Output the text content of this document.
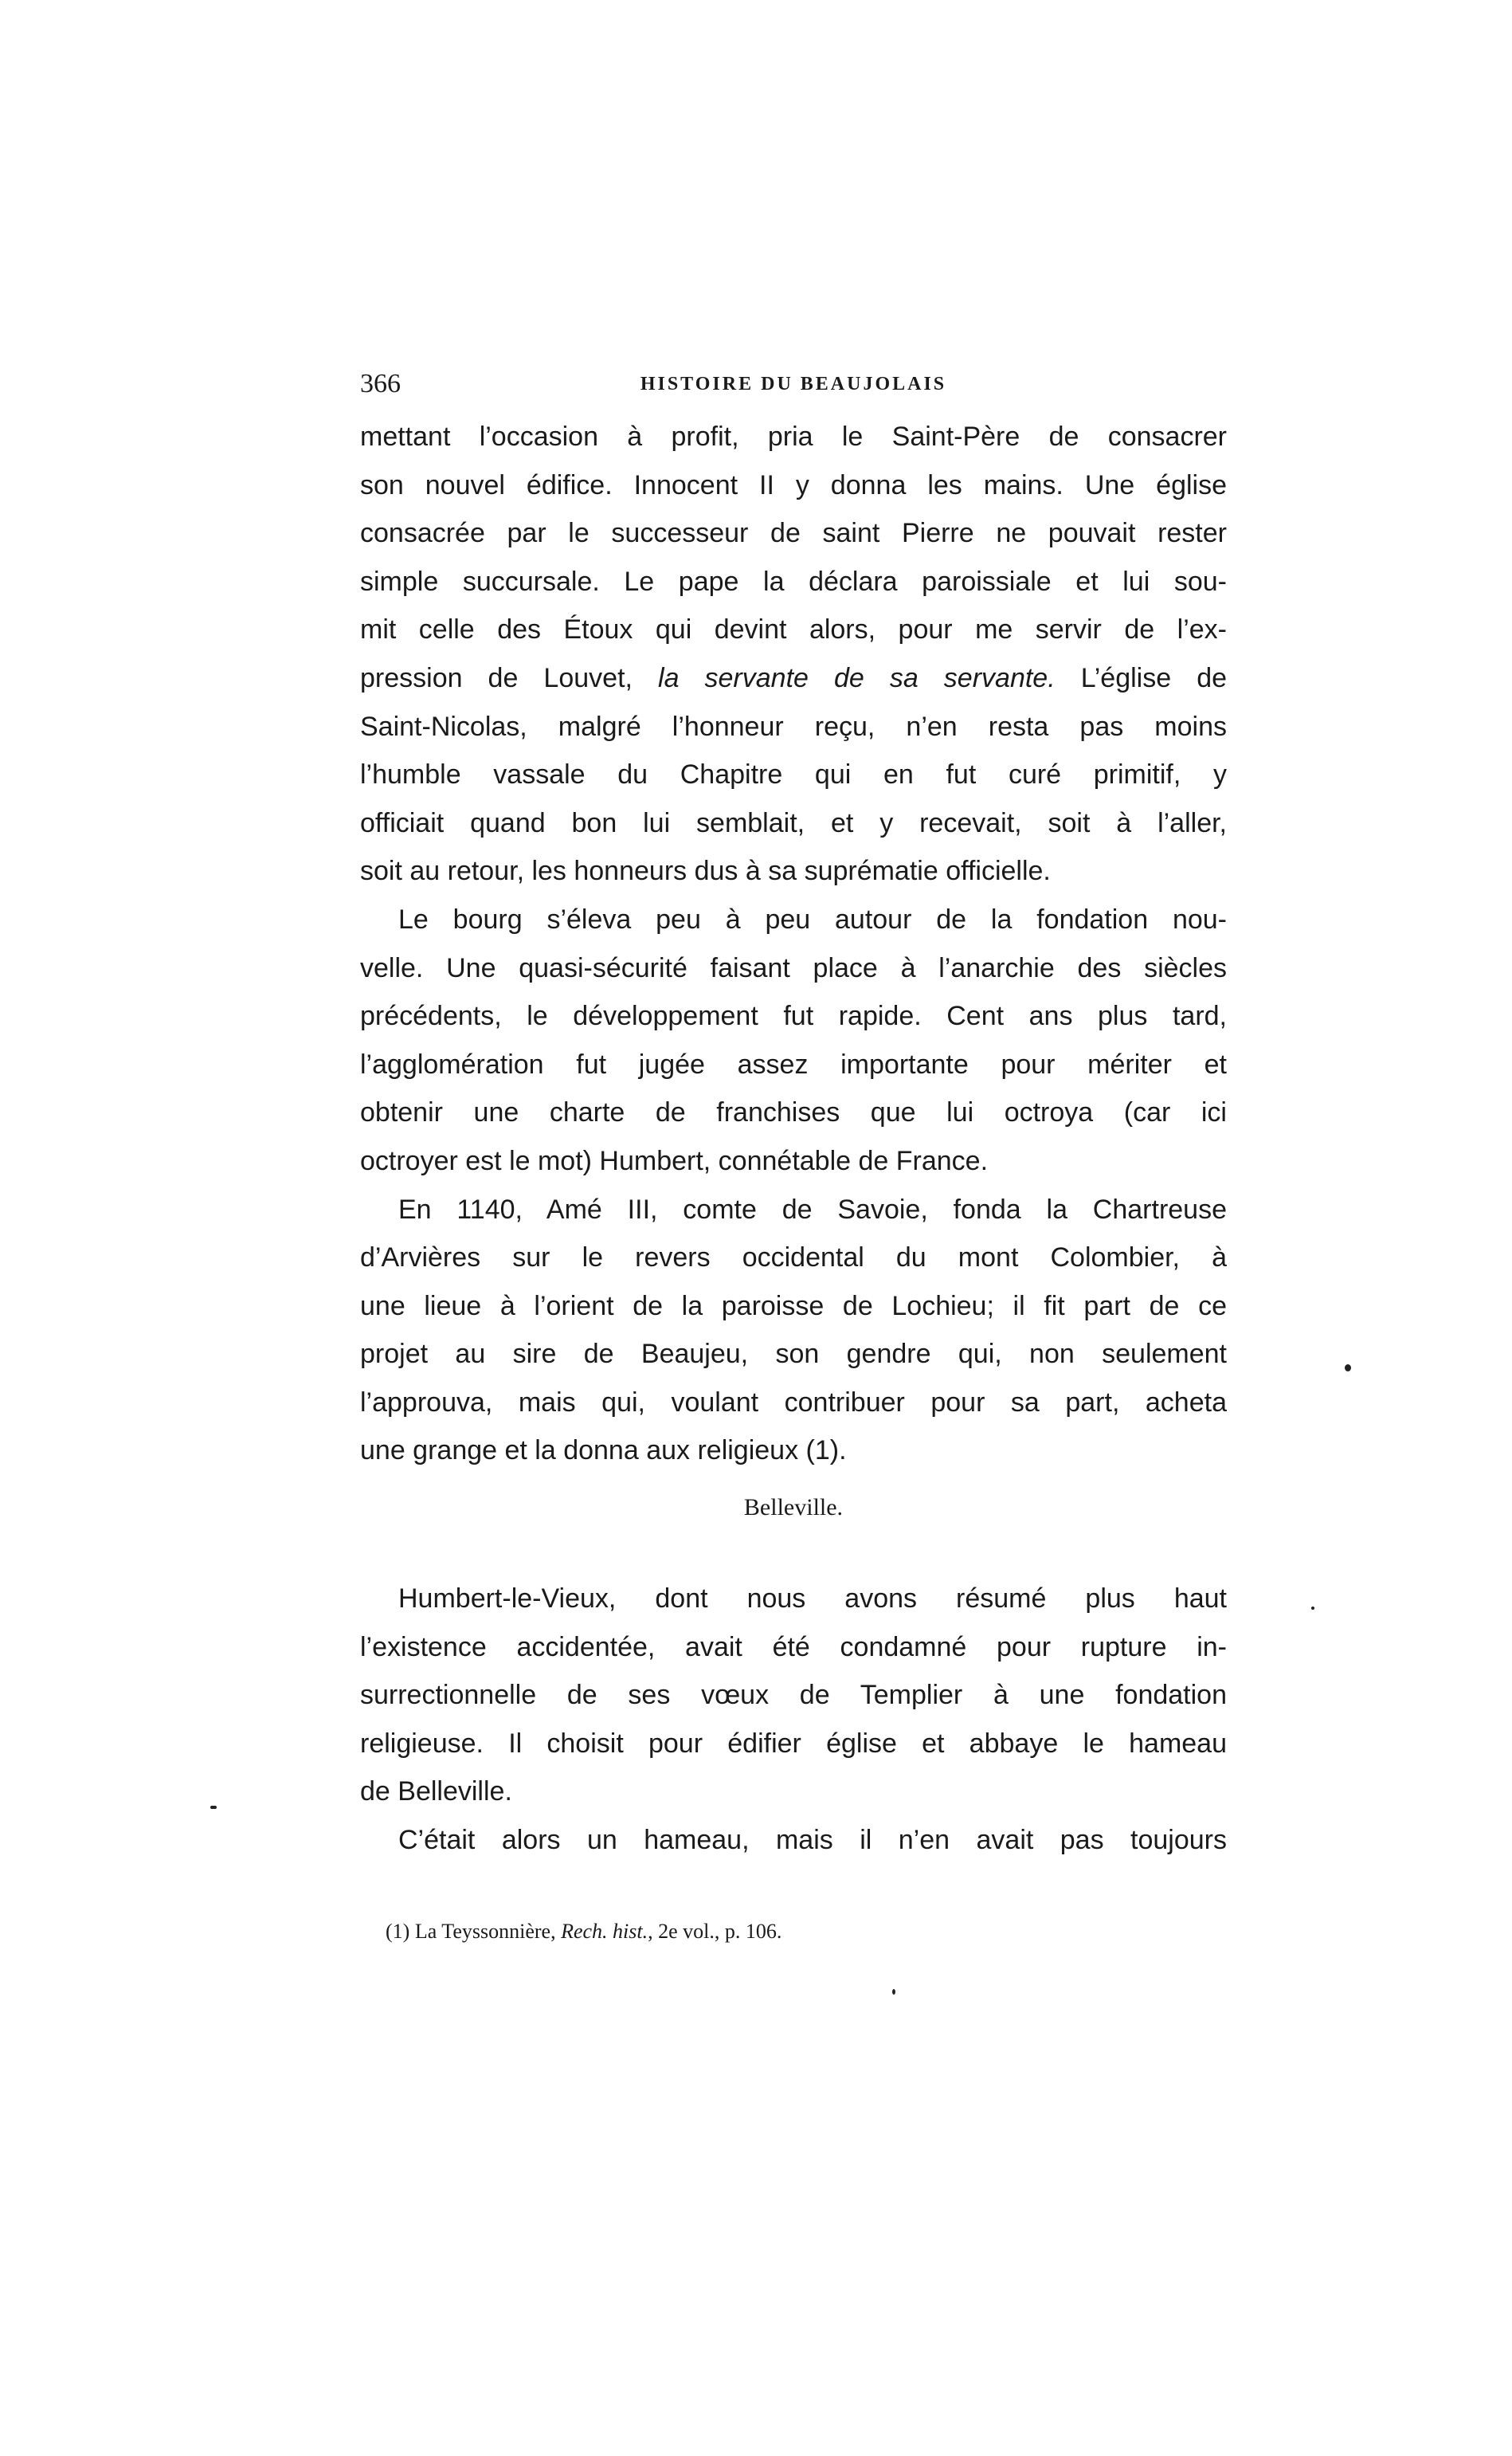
366	HISTOIRE DU BEAUJOLAIS
mettant l’occasion à profit, pria le Saint-Père de consacrer
son nouvel édifice. Innocent II y donna les mains. Une église
consacrée par le successeur de saint Pierre ne pouvait rester
simple succursale. Le pape la déclara paroissiale et lui sou-
mit celle des Étoux qui devint alors, pour me servir de l’ex-
pression de Louvet, la servante de sa servante. L’église de
Saint-Nicolas, malgré l’honneur reçu, n’en resta pas moins
l’humble vassale du Chapitre qui en fut curé primitif, y
officiait quand bon lui semblait, et y recevait, soit à l’aller,
soit au retour, les honneurs dus à sa suprématie officielle.
Le bourg s’éleva peu à peu autour de la fondation nou-
velle. Une quasi-sécurité faisant place à l’anarchie des siècles
précédents, le développement fut rapide. Cent ans plus tard,
l’agglomération fut jugée assez importante pour mériter et
obtenir une charte de franchises que lui octroya (car ici
octroyer est le mot) Humbert, connétable de France.
En 1140, Amé III, comte de Savoie, fonda la Chartreuse
d’Arvières sur le revers occidental du mont Colombier, à
une lieue à l’orient de la paroisse de Lochieu; il fit part de ce
projet au sire de Beaujeu, son gendre qui, non seulement
l’approuva, mais qui, voulant contribuer pour sa part, acheta
une grange et la donna aux religieux (1).
Belleville.
Humbert-le-Vieux, dont nous avons résumé plus haut
l’existence accidentée, avait été condamné pour rupture in-
surrectionnelle de ses vœux de Templier à une fondation
religieuse. Il choisit pour édifier église et abbaye le hameau
de Belleville.
C’était alors un hameau, mais il n’en avait pas toujours
(1) La Teyssonnière, Rech. hist., 2e vol., p. 106.
